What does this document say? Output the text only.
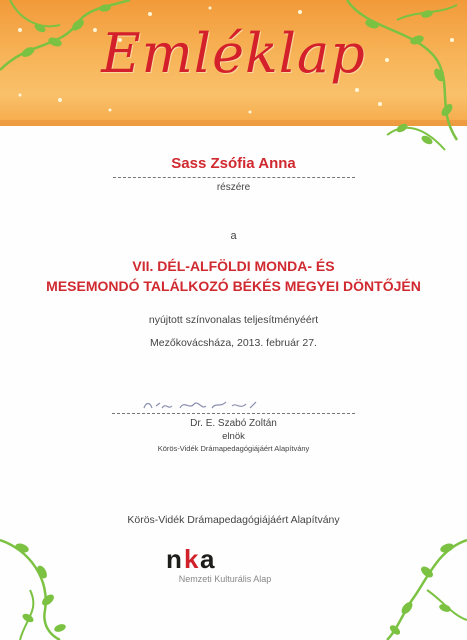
Emléklap
Sass Zsófia Anna
részére
a
VII. DÉL-ALFÖLDI MONDA- ÉS
MESEMONDÓ TALÁLKOZÓ BÉKÉS MEGYEI DÖNTŐJÉN
nyújtott színvonalas teljesítményéért
Mezőkovácsháza, 2013. február 27.
Dr. E. Szabó Zoltán
elnök
Körös-Vidék Drámapedagógiájáért Alapítvány
Körös-Vidék Drámapedagógiájáért Alapítvány
n k a
Nemzeti Kulturális Alap
